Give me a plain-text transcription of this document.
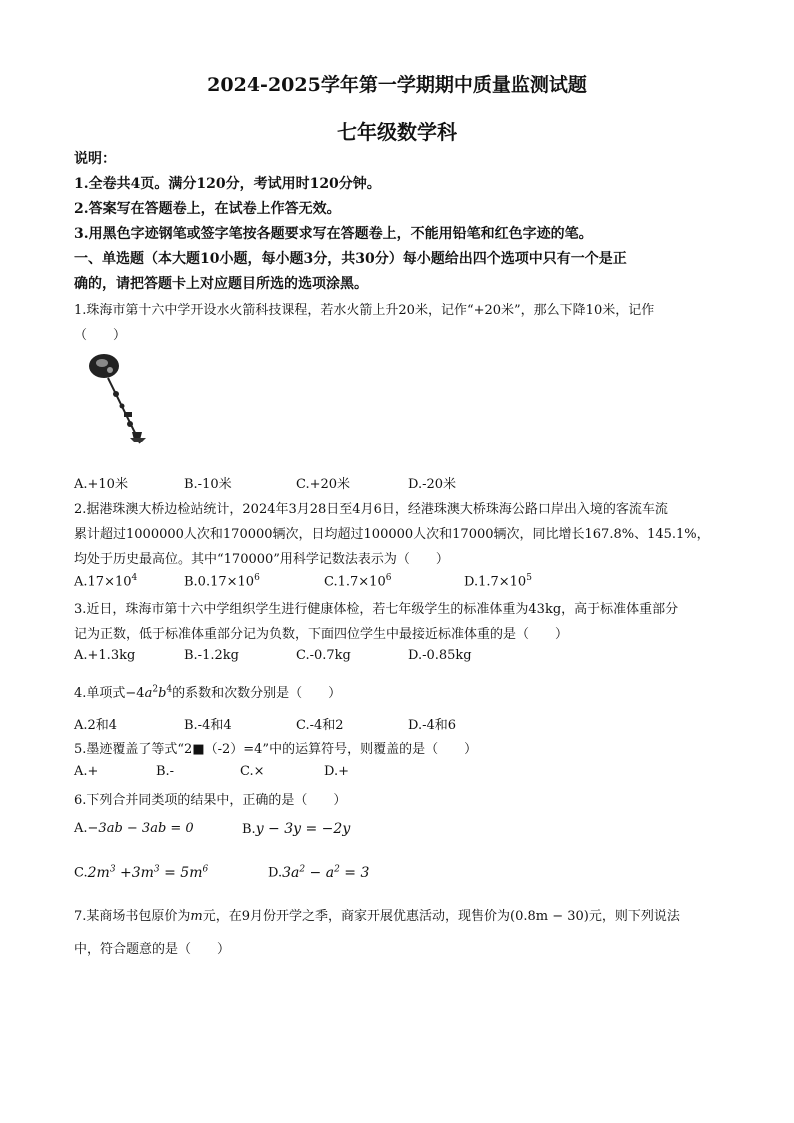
2024-2025学年第一学期期中质量监测试题
七年级数学科
说明：
1.全卷共4页。满分120分，考试用时120分钟。
2.答案写在答题卷上，在试卷上作答无效。
3.用黑色字迹钢笔或签字笔按各题要求写在答题卷上，不能用铅笔和红色字迹的笔。
一、单选题（本大题10小题，每小题3分，共30分）每小题给出四个选项中只有一个是正
确的，请把答题卡上对应题目所选的选项涂黑。
1.珠海市第十六中学开设水火箭科技课程，若水火箭上升20米，记作“+20米”，那么下降10米，记作
（　　）
A.+10米	B.-10米	C.+20米	D.-20米
2.据港珠澳大桥边检站统计，2024年3月28日至4月6日，经港珠澳大桥珠海公路口岸出入境的客流车流
累计超过1000000人次和170000辆次，日均超过100000人次和17000辆次，同比增长167.8%、145.1%，
均处于历史最高位。其中“170000”用科学记数法表示为（　　）
$A.17\times 10^4$	$B.0.17\times 10^6$	$C.1.7\times 10^6$	$D.1.7\times 10^5$
3.近日，珠海市第十六中学组织学生进行健康体检，若七年级学生的标准体重为43kg，高于标准体重部分
记为正数，低于标准体重部分记为负数，下面四位学生中最接近标准体重的是（　　）
A.+1.3kg	B.-1.2kg	C.-0.7kg	D.-0.85kg
4.单项式$-4a^2b^4$的系数和次数分别是（　　）
A.2和4	B.-4和4	C.-4和2	D.-4和6
5.墨迹覆盖了等式“2■（-2）=4”中的运算符号，则覆盖的是（　　）
A.+	B.-	C.×	D.+
6.下列合并同类项的结果中，正确的是（　　）
A.−3ab − 3ab = 0	B.y − 3y = −2y
$C.2m^3 +3m^3 = 5m^6$	$D.3a^2 - a^2 = 3$
7.某商场书包原价为m元，在9月份开学之季，商家开展优惠活动，现售价为(0.8m − 30)元，则下列说法
中，符合题意的是（　　）
